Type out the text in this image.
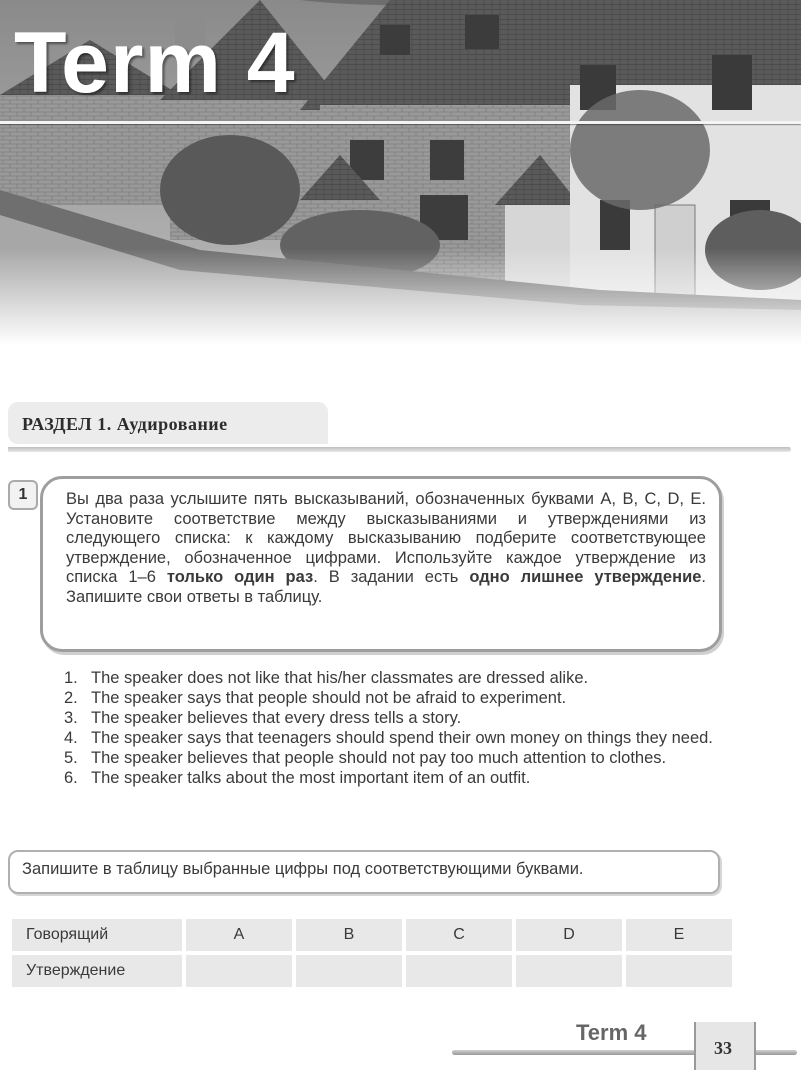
Term 4
РАЗДЕЛ 1. Аудирование
1	Вы два раза услышите пять высказываний, обозначенных буквами A, B, C, D, E. Установите соответствие между высказываниями и утверждениями из следующего списка: к каждому высказыванию подберите соответствующее утверждение, обозначенное цифрами. Используйте каждое утверждение из списка 1–6 только один раз. В задании есть одно лишнее утверждение. Запишите свои ответы в таблицу.

1. The speaker does not like that his/her classmates are dressed alike.
2. The speaker says that people should not be afraid to experiment.
3. The speaker believes that every dress tells a story.
4. The speaker says that teenagers should spend their own money on things they need.
5. The speaker believes that people should not pay too much attention to clothes.
6. The speaker talks about the most important item of an outfit.
Запишите в таблицу выбранные цифры под соответствующими буквами.
Говорящий	A	B	C	D	E
Утверждение					
Term 4
33
